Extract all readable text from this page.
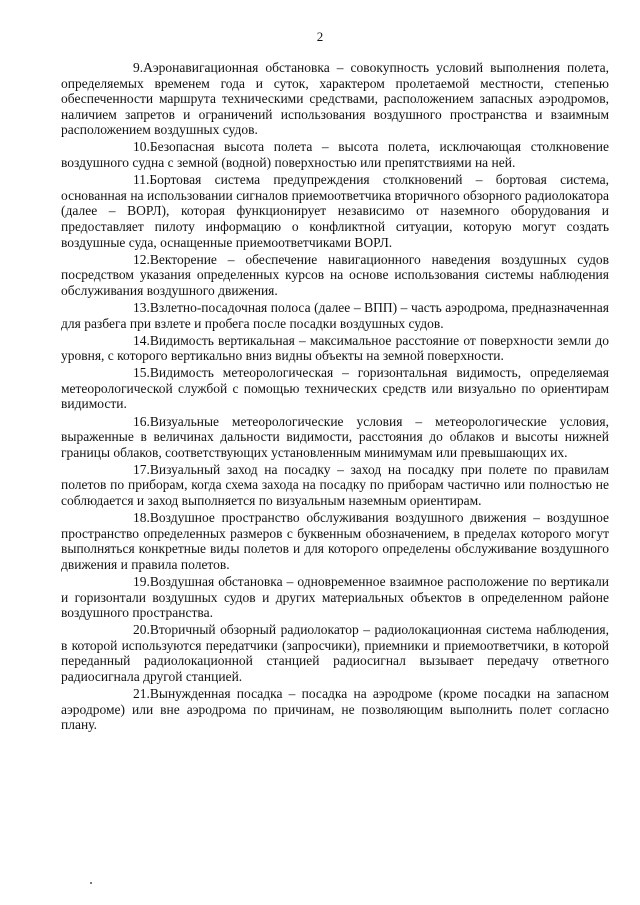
2

9.Аэронавигационная обстановка – совокупность условий выполнения полета, определяемых временем года и суток, характером пролетаемой местности, степенью обеспеченности маршрута техническими средствами, расположением запасных аэродромов, наличием запретов и ограничений использования воздушного пространства и взаимным расположением воздушных судов.

10.Безопасная высота полета – высота полета, исключающая столкновение воздушного судна с земной (водной) поверхностью или препятствиями на ней.

11.Бортовая система предупреждения столкновений – бортовая система, основанная на использовании сигналов приемоответчика вторичного обзорного радиолокатора (далее – ВОРЛ), которая функционирует независимо от наземного оборудования и предоставляет пилоту информацию о конфликтной ситуации, которую могут создать воздушные суда, оснащенные приемоответчиками ВОРЛ.

12.Векторение – обеспечение навигационного наведения воздушных судов посредством указания определенных курсов на основе использования системы наблюдения обслуживания воздушного движения.

13.Взлетно-посадочная полоса (далее – ВПП) – часть аэродрома, предназначенная для разбега при взлете и пробега после посадки воздушных судов.

14.Видимость вертикальная – максимальное расстояние от поверхности земли до уровня, с которого вертикально вниз видны объекты на земной поверхности.

15.Видимость метеорологическая – горизонтальная видимость, определяемая метеорологической службой с помощью технических средств или визуально по ориентирам видимости.

16.Визуальные метеорологические условия – метеорологические условия, выраженные в величинах дальности видимости, расстояния до облаков и высоты нижней границы облаков, соответствующих установленным минимумам или превышающих их.

17.Визуальный заход на посадку – заход на посадку при полете по правилам полетов по приборам, когда схема захода на посадку по приборам частично или полностью не соблюдается и заход выполняется по визуальным наземным ориентирам.

18.Воздушное пространство обслуживания воздушного движения – воздушное пространство определенных размеров с буквенным обозначением, в пределах которого могут выполняться конкретные виды полетов и для которого определены обслуживание воздушного движения и правила полетов.

19.Воздушная обстановка – одновременное взаимное расположение по вертикали и горизонтали воздушных судов и других материальных объектов в определенном районе воздушного пространства.

20.Вторичный обзорный радиолокатор – радиолокационная система наблюдения, в которой используются передатчики (запросчики), приемники и приемоответчики, в которой переданный радиолокационной станцией радиосигнал вызывает передачу ответного радиосигнала другой станцией.

21.Вынужденная посадка – посадка на аэродроме (кроме посадки на запасном аэродроме) или вне аэродрома по причинам, не позволяющим выполнить полет согласно плану.
